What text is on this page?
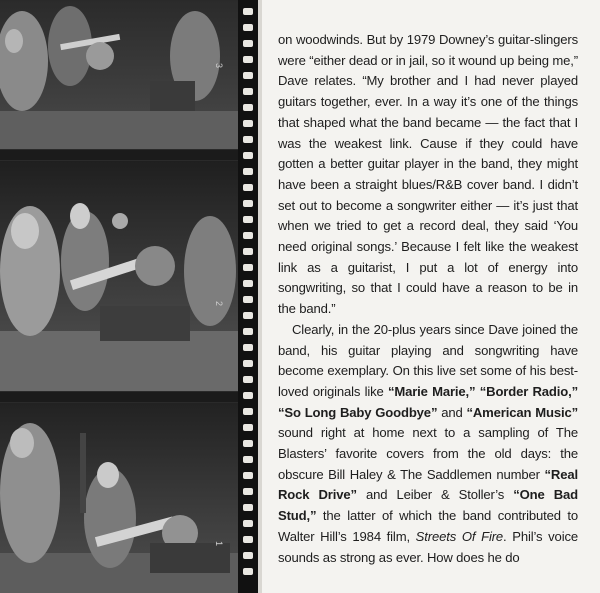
3
2
1

on woodwinds. But by 1979 Downey’s guitar-slingers were “either dead or in jail, so it wound up being me,” Dave relates. “My brother and I had never played guitars together, ever. In a way it’s one of the things that shaped what the band became — the fact that I was the weakest link. Cause if they could have gotten a better guitar player in the band, they might have been a straight blues/R&B cover band. I didn’t set out to become a songwriter either — it’s just that when we tried to get a record deal, they said ‘You need original songs.’ Because I felt like the weakest link as a guitarist, I put a lot of energy into songwriting, so that I could have a reason to be in the band.”

Clearly, in the 20-plus years since Dave joined the band, his guitar playing and songwriting have become exemplary. On this live set some of his best-loved originals like “Marie Marie,” “Border Radio,” “So Long Baby Goodbye” and “American Music” sound right at home next to a sampling of The Blasters’ favorite covers from the old days: the obscure Bill Haley & The Saddlemen number “Real Rock Drive” and Leiber & Stoller’s “One Bad Stud,” the latter of which the band contributed to Walter Hill’s 1984 film, Streets Of Fire. Phil’s voice sounds as strong as ever. How does he do
